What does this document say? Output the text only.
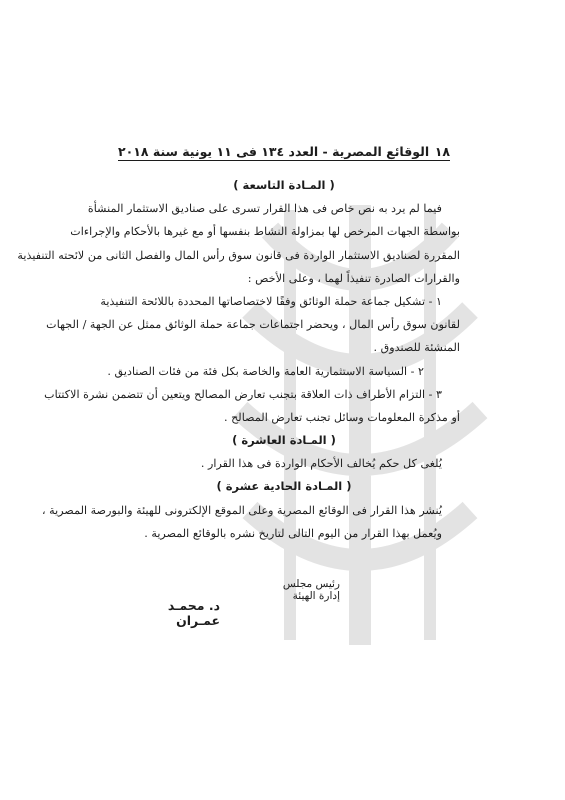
١٨
الوقائع المصرية - العدد ١٣٤ فى ١١ يونية سنة ٢٠١٨
( المـادة التاسعة )
فيما لم يرد به نص خاص فى هذا القرار تسرى على صناديق الاستثمار المنشأة
بواسطة الجهات المرخص لها بمزاولة النشاط بنفسها أو مع غيرها بالأحكام والإجراءات
المقررة لصناديق الاستثمار الواردة فى قانون سوق رأس المال والفصل الثانى من لائحته التنفيذية
والقرارات الصادرة تنفيذاً لهما ، وعلى الأخص :
١ - تشكيل جماعة حملة الوثائق وفقًا لاختصاصاتها المحددة باللائحة التنفيذية
لقانون سوق رأس المال ، ويحضر اجتماعات جماعة حملة الوثائق ممثل عن الجهة / الجهات
المنشئة للصندوق .
٢ - السياسة الاستثمارية العامة والخاصة بكل فئة من فئات الصناديق .
٣ - التزام الأطراف ذات العلاقة بتجنب تعارض المصالح ويتعين أن تتضمن نشرة الاكتتاب
أو مذكرة المعلومات وسائل تجنب تعارض المصالح .
( المـادة العاشرة )
يُلغى كل حكم يُخالف الأحكام الواردة فى هذا القرار .
( المـادة الحادية عشرة )
يُنشر هذا القرار فى الوقائع المصرية وعلى الموقع الإلكترونى للهيئة والبورصة المصرية ،
ويُعمل بهذا القرار من اليوم التالى لتاريخ نشره بالوقائع المصرية .
رئيس مجلس إدارة الهيئة
د. محمـد عمـران
